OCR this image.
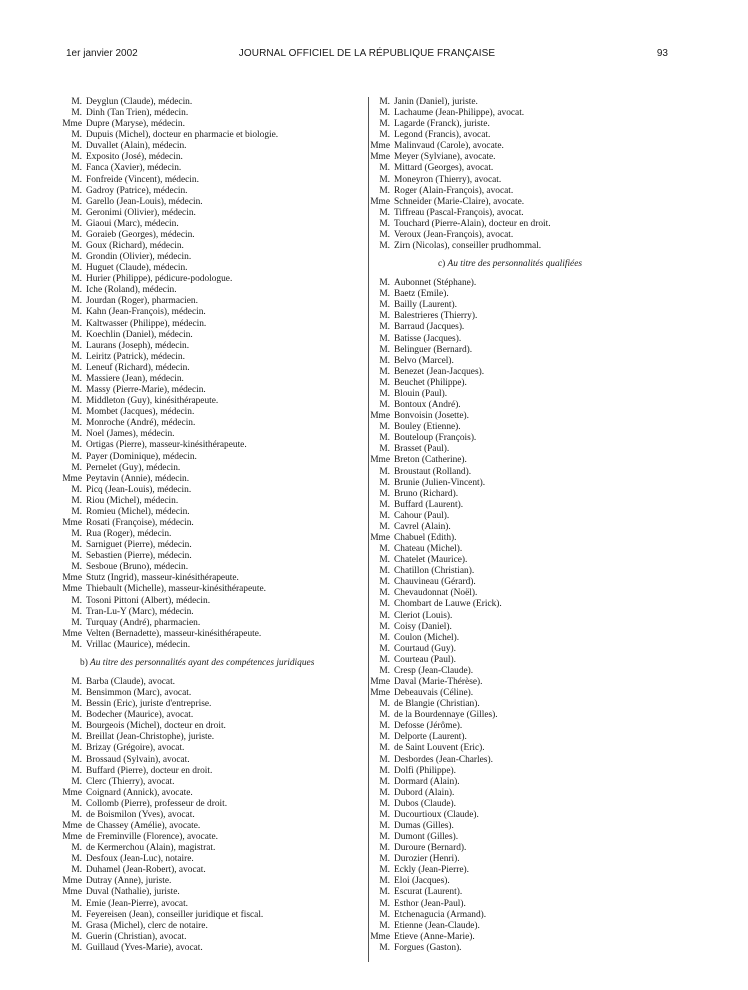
1er janvier 2002	JOURNAL OFFICIEL DE LA RÉPUBLIQUE FRANÇAISE	93
M. Deyglun (Claude), médecin.
M. Dinh (Tan Trien), médecin.
Mme Dupre (Maryse), médecin.
M. Dupuis (Michel), docteur en pharmacie et biologie.
M. Duvallet (Alain), médecin.
M. Exposito (José), médecin.
M. Fanca (Xavier), médecin.
M. Fonfreide (Vincent), médecin.
M. Gadroy (Patrice), médecin.
M. Garello (Jean-Louis), médecin.
M. Geronimi (Olivier), médecin.
M. Giaoui (Marc), médecin.
M. Goraieb (Georges), médecin.
M. Goux (Richard), médecin.
M. Grondin (Olivier), médecin.
M. Huguet (Claude), médecin.
M. Hurier (Philippe), pédicure-podologue.
M. Iche (Roland), médecin.
M. Jourdan (Roger), pharmacien.
M. Kahn (Jean-François), médecin.
M. Kaltwasser (Philippe), médecin.
M. Koechlin (Daniel), médecin.
M. Laurans (Joseph), médecin.
M. Leiritz (Patrick), médecin.
M. Leneuf (Richard), médecin.
M. Massiere (Jean), médecin.
M. Massy (Pierre-Marie), médecin.
M. Middleton (Guy), kinésithérapeute.
M. Mombet (Jacques), médecin.
M. Monroche (André), médecin.
M. Noel (James), médecin.
M. Ortigas (Pierre), masseur-kinésithérapeute.
M. Payer (Dominique), médecin.
M. Pernelet (Guy), médecin.
Mme Peytavin (Annie), médecin.
M. Picq (Jean-Louis), médecin.
M. Riou (Michel), médecin.
M. Romieu (Michel), médecin.
Mme Rosati (Françoise), médecin.
M. Rua (Roger), médecin.
M. Sarniguet (Pierre), médecin.
M. Sebastien (Pierre), médecin.
M. Sesboue (Bruno), médecin.
Mme Stutz (Ingrid), masseur-kinésithérapeute.
Mme Thiebault (Michelle), masseur-kinésithérapeute.
M. Tosoni Pittoni (Albert), médecin.
M. Tran-Lu-Y (Marc), médecin.
M. Turquay (André), pharmacien.
Mme Velten (Bernadette), masseur-kinésithérapeute.
M. Vrillac (Maurice), médecin.
b) Au titre des personnalités ayant des compétences juridiques
M. Barba (Claude), avocat.
M. Bensimmon (Marc), avocat.
M. Bessin (Eric), juriste d'entreprise.
M. Bodecher (Maurice), avocat.
M. Bourgeois (Michel), docteur en droit.
M. Breillat (Jean-Christophe), juriste.
M. Brizay (Grégoire), avocat.
M. Brossaud (Sylvain), avocat.
M. Buffard (Pierre), docteur en droit.
M. Clerc (Thierry), avocat.
Mme Coignard (Annick), avocate.
M. Collomb (Pierre), professeur de droit.
M. de Boismilon (Yves), avocat.
Mme de Chassey (Amélie), avocate.
Mme de Freminville (Florence), avocate.
M. de Kermerchou (Alain), magistrat.
M. Desfoux (Jean-Luc), notaire.
M. Duhamel (Jean-Robert), avocat.
Mme Dutray (Anne), juriste.
Mme Duval (Nathalie), juriste.
M. Emie (Jean-Pierre), avocat.
M. Feyereisen (Jean), conseiller juridique et fiscal.
M. Grasa (Michel), clerc de notaire.
M. Guerin (Christian), avocat.
M. Guillaud (Yves-Marie), avocat.
M. Janin (Daniel), juriste.
M. Lachaume (Jean-Philippe), avocat.
M. Lagarde (Franck), juriste.
M. Legond (Francis), avocat.
Mme Malinvaud (Carole), avocate.
Mme Meyer (Sylviane), avocate.
M. Mittard (Georges), avocat.
M. Moneyron (Thierry), avocat.
M. Roger (Alain-François), avocat.
Mme Schneider (Marie-Claire), avocate.
M. Tiffreau (Pascal-François), avocat.
M. Touchard (Pierre-Alain), docteur en droit.
M. Veroux (Jean-François), avocat.
M. Zirn (Nicolas), conseiller prudhommal.
c) Au titre des personnalités qualifiées
M. Aubonnet (Stéphane).
M. Baetz (Emile).
M. Bailly (Laurent).
M. Balestrieres (Thierry).
M. Barraud (Jacques).
M. Batisse (Jacques).
M. Belinguer (Bernard).
M. Belvo (Marcel).
M. Benezet (Jean-Jacques).
M. Beuchet (Philippe).
M. Blouin (Paul).
M. Bontoux (André).
Mme Bonvoisin (Josette).
M. Bouley (Etienne).
M. Bouteloup (François).
M. Brasset (Paul).
Mme Breton (Catherine).
M. Broustaut (Rolland).
M. Brunie (Julien-Vincent).
M. Bruno (Richard).
M. Buffard (Laurent).
M. Cahour (Paul).
M. Cavrel (Alain).
Mme Chabuel (Edith).
M. Chateau (Michel).
M. Chatelet (Maurice).
M. Chatillon (Christian).
M. Chauvineau (Gérard).
M. Chevaudonnat (Noël).
M. Chombart de Lauwe (Erick).
M. Cleriot (Louis).
M. Coisy (Daniel).
M. Coulon (Michel).
M. Courtaud (Guy).
M. Courteau (Paul).
M. Cresp (Jean-Claude).
Mme Daval (Marie-Thérèse).
Mme Debeauvais (Céline).
M. de Blangie (Christian).
M. de la Bourdennaye (Gilles).
M. Defosse (Jérôme).
M. Delporte (Laurent).
M. de Saint Louvent (Eric).
M. Desbordes (Jean-Charles).
M. Dolfi (Philippe).
M. Dormard (Alain).
M. Dubord (Alain).
M. Dubos (Claude).
M. Ducourtioux (Claude).
M. Dumas (Gilles).
M. Dumont (Gilles).
M. Duroure (Bernard).
M. Durozier (Henri).
M. Eckly (Jean-Pierre).
M. Eloi (Jacques).
M. Escurat (Laurent).
M. Esthor (Jean-Paul).
M. Etchenagucia (Armand).
M. Etienne (Jean-Claude).
Mme Etieve (Anne-Marie).
M. Forgues (Gaston).
